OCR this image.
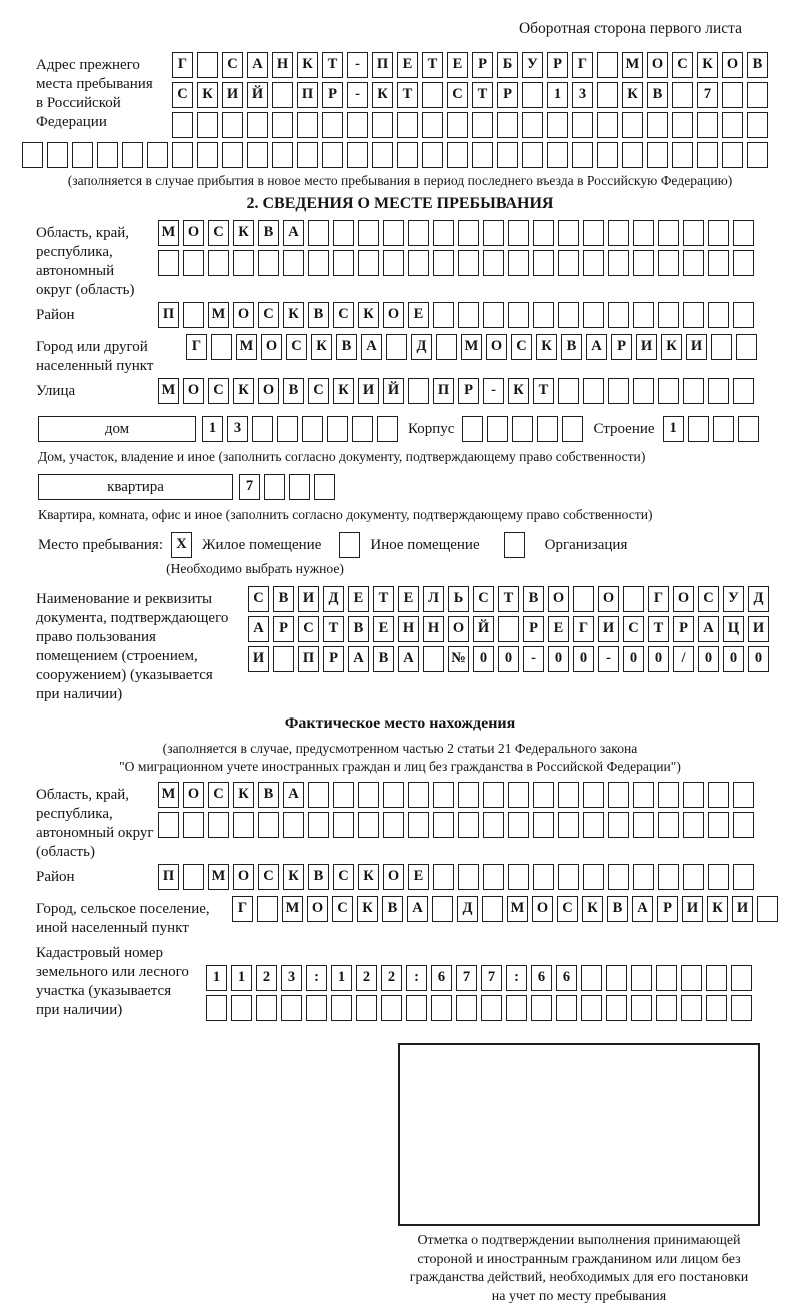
Оборотная сторона первого листа
Адрес прежнего
места пребывания
в Российской
Федерации
Г	С	А Н К	Т	-	П	Е	Т	Е	Р	Б	У	Р	Г	М О С	К О	В
С	К И Й	П	Р	-	К	Т	С	Т	Р	1	3	К	В	7
(заполняется в случае прибытия в новое место пребывания в период последнего въезда в Российскую Федерацию)
2. СВЕДЕНИЯ О МЕСТЕ ПРЕБЫВАНИЯ
Область, край,
республика,
автономный
округ (область)
М О С	К	В	А
Район	П	М О С	К	В	С	К О	Е
Город или другой
населенный пункт
Г	М О С	К	В	А	Д	М О С	К	В	А	Р	И К И
Улица	М О С	К О	В	С	К И Й	П	Р	-	К	Т
дом	1	3	Корпус	Строение	1
Дом, участок, владение и иное (заполнить согласно документу, подтверждающему право собственности)
квартира	7
Квартира, комната, офис и иное (заполнить согласно документу, подтверждающему право собственности)
Место пребывания: X	Жилое помещение	Иное помещение	Организация
(Необходимо выбрать нужное)
Наименование и реквизиты
документа, подтверждающего
право пользования
помещением (строением,
сооружением) (указывается
при наличии)
С	В	И Д	Е	Т	Е	Л	Ь	С	Т	В	О	О	Г	О С У	Д
А	Р	С	Т	В	Е	Н Н О Й	Р	Е	Г	И С	Т	Р	А Ц И
И	П	Р	А	В	А	№ 0	0	-	0	0	-	0	0	/	0	0	0
Фактическое место нахождения
(заполняется в случае, предусмотренном частью 2 статьи 21 Федерального закона
"О миграционном учете иностранных граждан и лиц без гражданства в Российской Федерации")
Область, край,
республика,
автономный округ
(область)
М О С	К	В	А
Район	П	М О С	К	В	С	К О	Е
Город, сельское поселение,
иной населенный пункт
Г	М О С	К	В	А	Д	М О С	К	В	А	Р	И К И
Кадастровый номер
земельного или лесного
участка (указывается
при наличии)
1	1	2	3	:	1	2	2	:	6	7	7	:	6	6
Отметка о подтверждении выполнения принимающей
стороной и иностранным гражданином или лицом без
гражданства действий, необходимых для его постановки
на учет по месту пребывания
